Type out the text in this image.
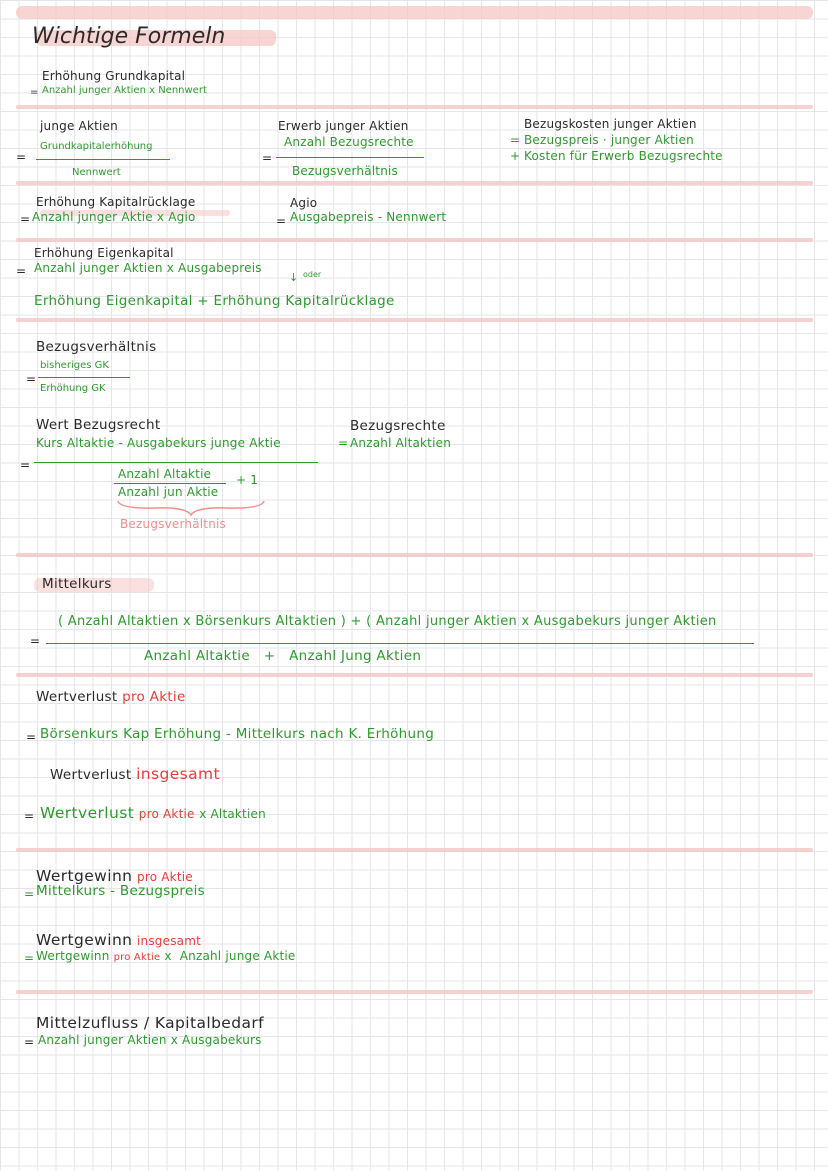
Wichtige Formeln
Erhöhung Grundkapital
= Anzahl junger Aktien x Nennwert
junge Aktien
Grundkapitalerhöhung
=
Nennwert
Erwerb junger Aktien
Anzahl Bezugsrechte
=
Bezugsverhältnis
Bezugskosten junger Aktien
= Bezugspreis · junger Aktien
+ Kosten für Erwerb Bezugsrechte
Erhöhung Kapitalrücklage
= Anzahl junger Aktie x Agio
Agio
= Ausgabepreis - Nennwert
Erhöhung Eigenkapital
= Anzahl junger Aktien x Ausgabepreis
↓ oder
Erhöhung Eigenkapital + Erhöhung Kapitalrücklage
Bezugsverhältnis
bisheriges GK
=
Erhöhung GK
Wert Bezugsrecht
Kurs Altaktie - Ausgabekurs junge Aktie
=
Anzahl Altaktie
Anzahl jun Aktie
+ 1
Bezugsverhältnis
Bezugsrechte
= Anzahl Altaktien
Mittelkurs
( Anzahl Altaktien x Börsenkurs Altaktien ) + ( Anzahl junger Aktien x Ausgabekurs junger Aktien
=
Anzahl Altaktie   +   Anzahl Jung Aktien
Wertverlust pro Aktie
= Börsenkurs Kap Erhöhung - Mittelkurs nach K. Erhöhung
Wertverlust insgesamt
= Wertverlust pro Aktie x Altaktien
Wertgewinn pro Aktie
= Mittelkurs - Bezugspreis
Wertgewinn insgesamt
= Wertgewinn pro Aktie x  Anzahl junge Aktie
Mittelzufluss / Kapitalbedarf
= Anzahl junger Aktien x Ausgabekurs
